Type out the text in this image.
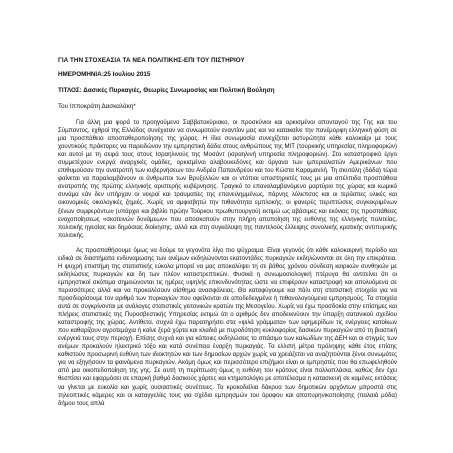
ΓΙΑ ΤΗΝ ΣΤΟΧΕΑΣΙΑ ΤΑ ΝΕΑ ΠΟΛΙΤΙΚΗΣ-ΕΠΙ ΤΟΥ ΠΙΣΤΗΡΙΟΥ
ΗΜΕΡΟΜΗΝΙΑ:25 Ιουλίου 2015
ΤΙΤΛΟΣ: Δασικές Πυρκαγιές, Θεωρίες Συνωμοσίας και Πολιτική Βούληση
Του Ιπποκράτη Δασκαλάκη*

Για άλλη μια φορά το προηγούμενο Σαββατοκύριακο, οι προσκύνιοι και ορκισμένοι απονταγού της Γης και του Σύμπαντος, εχθροί της Ελλάδος συνέχισαν να συνωμοτούν εναντίον μας και να κατακαίνε την πανέμορφη ελληνική φύση σε μια προσπάθεια αποσταθεροποίησης της χώρας. Η ίδια συνωμοσία συνεχίζεται αστυρώτητα κάθε καλοκαίρι με τους χουντικούς πράκτορες να παρειδώνον την εμπρηστική δάδα στους ανθρώπους της ΜΙΤ (τουρκικής υπηρεσίας πληροφοριών) και αυτοί με τη σειρά τους στους Ισραηλινούς της Μοσάντ (ισραηλινή υπηρεσία πληροφοριών). Στο καταστροφικό έργο συμμετέχουν ενεργά αναρχικές ομάδες, ορκισμένοι αλαβουκεδόνες και όργανα των ιμπεριαλιστών Αμερικάνων που επιθυμούσαν την ανατροπή των κυβερνήσεων του Ανδρέα Παπανδρέου και του Κώστα Καραμανλή. Τη σκυτάλη (δάδα) τώρα φαίνεται να παραλαμβάνουν οι άνθρωποι των Βρυξελλών και οι ντόπιοι υποστηρικτές τους με μια απέλπιδα προσπάθεια ανατροπής της πρώτης ελληνικής αριστερής κυβέρνησης. Τραγικό το επαναλαμβανόμενο μαρτύριο της χώρας και κωμικό συνάμα εάν δεν υπήρχαν οι νεκροί και τραυματίες της επανειλημμένως, πάρνης λόλκπσος και οι τεράστιες υλικές και οικονομικές οικολογικές ζημιές. Χωρίς να αμφισβητώ την πιθανότητα εμπλοκής, οι φανερές περιπτώσεις συγκεκριμένων ξένων συμφερόντων (υπάρχει και βιβλίο πρώην Τούρκου πρωθυπουργού) εκτιμώ ως αβάσιμες και εκόνιας της προσπάθειες ενοχοποίησεως «σκοτεινών δυνάμεων» που αποσκοπούν στην πλήρη αποποίηση της ευθύνης της ελληνικής πολιτείας, πολιτικής ηγεσίας και δημόσιας διοίκησης, αλλά και στη συγκάλυψη της παντελούς έλλειψης συνολικής κρατικής αντιπυρικής πολιτικής.

Ας προσπαθήσουμε όμως να δούμε τα γεγονότα λίγο πιο ψύχραιμα. Είναι γεγονός ότι κάθε καλοκαιρινή περίοδο και ειδικά σε διαστήματα ενδυναμωσης των ανέμων εκδηλώνονται εκατοντάδες πυρκαγιών εκδηλώνονται σε όλη την επικράτεια. Η ψυχρή επιστήμη της στατιστικής εύκολα μπορεί να μας αποκαλύψει τη σε βάθος χρόνου σύνδεση καιρικών συνθηκών με εκδηλώσεις πυρκαγιών και δη των πλέον καταστρεπτικών. Φυσικά η συνωμοσιολογική πτέρυγα θα αντιτείνει ότι οι εμπρηστικοί σκόπιμα σημειώνονται τις ημέρες υψηλής επικινδυνότητας ώστε να επιφέρουν καταστροφή και απολυόμενα σε περισσότερες αλλά και να προκαλέσουν αίσθημα ανασφάλειας. Θα καταφύγουμε και πάλι στη στατιστική στοιχεία για να προσδιορίσουμε τον αριθμό των πυρκαγιών που οφείλονται σε αποδεδειγμένα ή πιθανολογούμενα εμπρησμούς. Τα στοιχεία αυτά σε συγκρίνονται με ανάλογες στατιστικές γειτονικών κρατών της Μεσογείου. Χωρίς να έχω προσδοκία στην επίσημες και πλήρεις στατιστικές της Πυροσβεστικής Υπηρεσίας εκτιμώ ότι ο αριθμός δεν αποδεικνύουν την ύπαρξη σατανικού σχεδίου καταστροφής της χώρας. Αντίθετα, συχνά έχω παρατηρήσει στα «ψιλά γράμματα» των εφημερίδων τις ενέργειες κατοίκων που καθαρίζουν αγροτεμάχια ή καίνε ξερά χόρτα και κλαδιά με πυροδότηση κυκλοφορίας δασικών πυρκαγιών από τη βιαστική ενέργειά τους στην περιοχή. Επίσης συχνά και για κάποιες εκδηλώσεις το σπάσιμο των καλωδίων της ΔΕΗ και οι στιγμές των ανέμων προκαλούν ηλεκτρικό τόξο και κατά συνέπεια έναρξη πυρκαγιάς. Τα ελλιπή μέτρα πρόληψης κάθε έτος επίσης καθιστούν προσωρινή ευθύνη των ιδιοκτητών και των δημοσίων αρχών χωρίς να χρειάζεται να αναζητούνται ξένοι συνωμότες για να εξηγήσουν τα φαινόμενα πυρκαγιών. Ακόμη όμως και περισσότερο επιζήμιοι είναι οι εμπρηστές που θα επωφεληθούν από μια οικοπεδοποίηση της γης. Σε αυτή τη περίπτωση όμως η ευθύνη του κράτους είναι πολλαπλάσια, καθώς δεν έχει θεσπίσει και εφαρμόσει σε επαρκή βαθμό δασικούς χάρτες και κτηματολόγιο με αποτέλεσμα η κατασκευή σε καμένες εκτάσεις να γίνεται με ευκολία και χωρίς ουσιαστικές συνέπειες. Τα κροκοδείλια δάκρυα των δημοτικών αρχόντων μπροστά στις τηλεοπτικές κάμερες και οι καταγγελίες τους για σχέδιο εμπρησμών του όροφου και αποπυρηνικοποίησης (παλαιά μόδα) δήμου τους απλά
